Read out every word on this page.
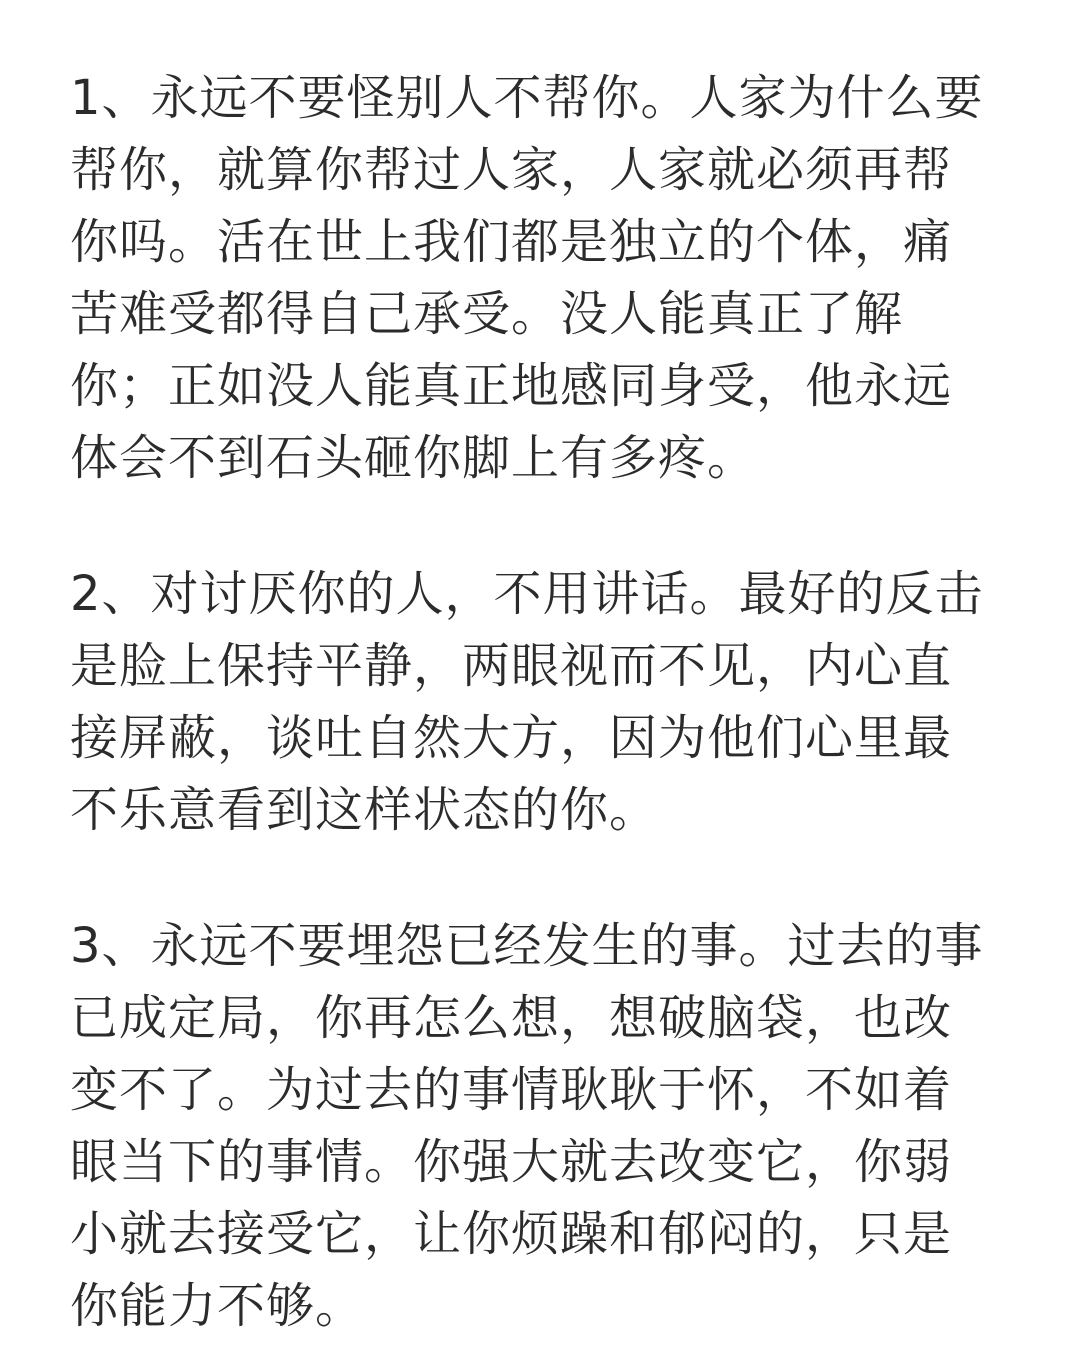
1、永远不要怪别人不帮你。人家为什么要
帮你，就算你帮过人家，人家就必须再帮
你吗。活在世上我们都是独立的个体，痛
苦难受都得自己承受。没人能真正了解
你；正如没人能真正地感同身受，他永远
体会不到石头砸你脚上有多疼。
2、对讨厌你的人，不用讲话。最好的反击
是脸上保持平静，两眼视而不见，内心直
接屏蔽，谈吐自然大方，因为他们心里最
不乐意看到这样状态的你。
3、永远不要埋怨已经发生的事。过去的事
已成定局，你再怎么想，想破脑袋，也改
变不了。为过去的事情耿耿于怀，不如着
眼当下的事情。你强大就去改变它，你弱
小就去接受它，让你烦躁和郁闷的，只是
你能力不够。
